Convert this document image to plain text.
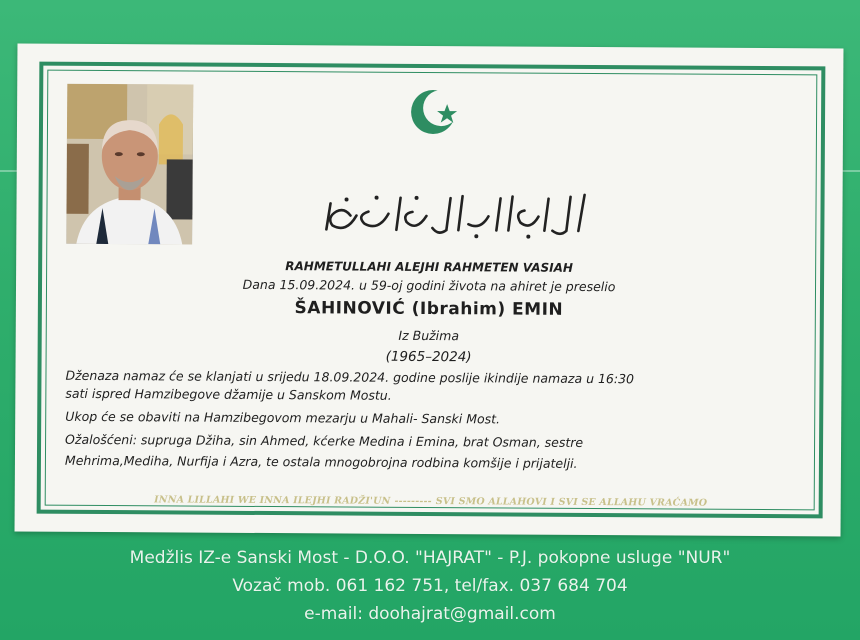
RAHMETULLAHI ALEJHI RAHMETEN VASIAH
Dana 15.09.2024. u 59-oj godini života na ahiret je preselio
ŠAHINOVIĆ (Ibrahim) EMIN
Iz Bužima
(1965–2024)
Dženaza namaz će se klanjati u srijedu 18.09.2024. godine poslije ikindije namaza u 16:30
sati ispred Hamzibegove džamije u Sanskom Mostu.
Ukop će se obaviti na Hamzibegovom mezarju u Mahali- Sanski Most.
Ožalošćeni: supruga Džiha, sin Ahmed, kćerke Medina i Emina, brat Osman, sestre
Mehrima,Mediha, Nurfija i Azra, te ostala mnogobrojna rodbina komšije i prijatelji.
INNA LILLAHI WE INNA ILEJHI RADŽI'UN --------- SVI SMO ALLAHOVI I SVI SE ALLAHU VRAĆAMO
Medžlis IZ-e Sanski Most - D.O.O. "HAJRAT" - P.J. pokopne usluge "NUR"
Vozač mob. 061 162 751, tel/fax. 037 684 704
e-mail: doohajrat@gmail.com
